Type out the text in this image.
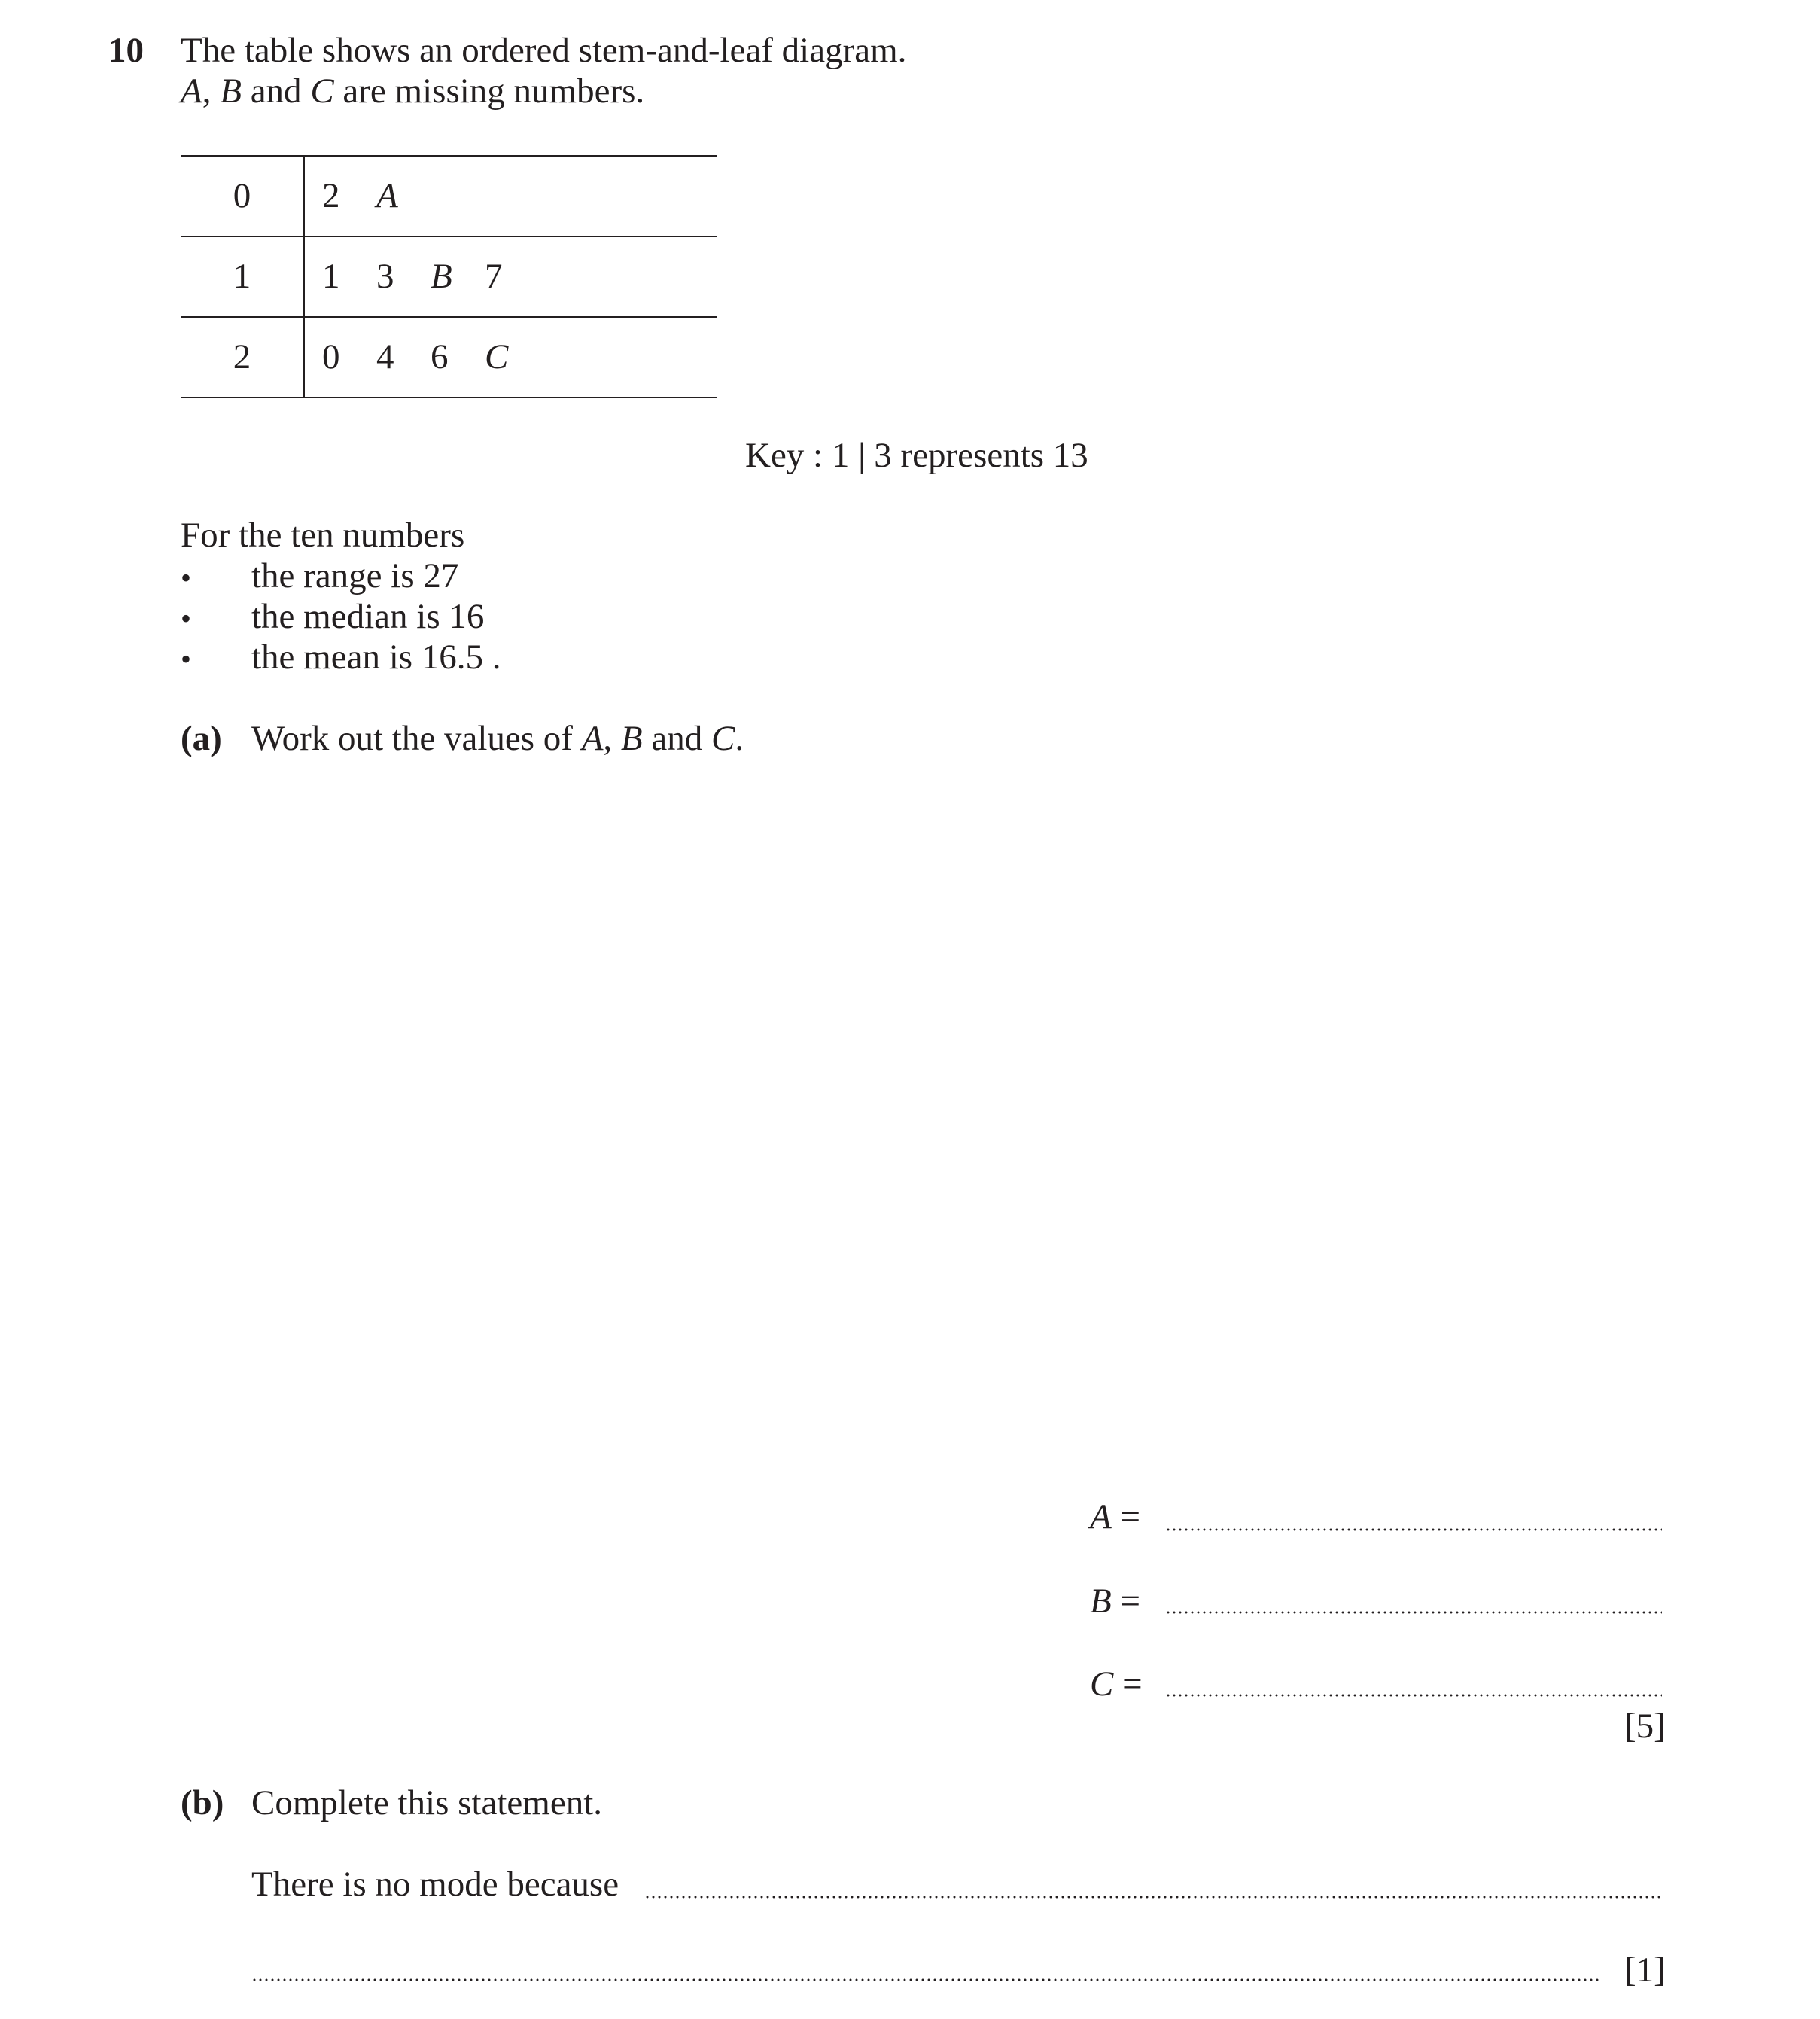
10 The table shows an ordered stem-and-leaf diagram.
A, B and C are missing numbers.
0	2 A
1	1 3 B 7
2	0 4 6 C
Key : 1 | 3 represents 13
For the ten numbers
• the range is 27
• the median is 16
• the mean is 16.5 .
(a) Work out the values of A, B and C.
A =
B =
C =
[5]
(b) Complete this statement.
There is no mode because
[1]
